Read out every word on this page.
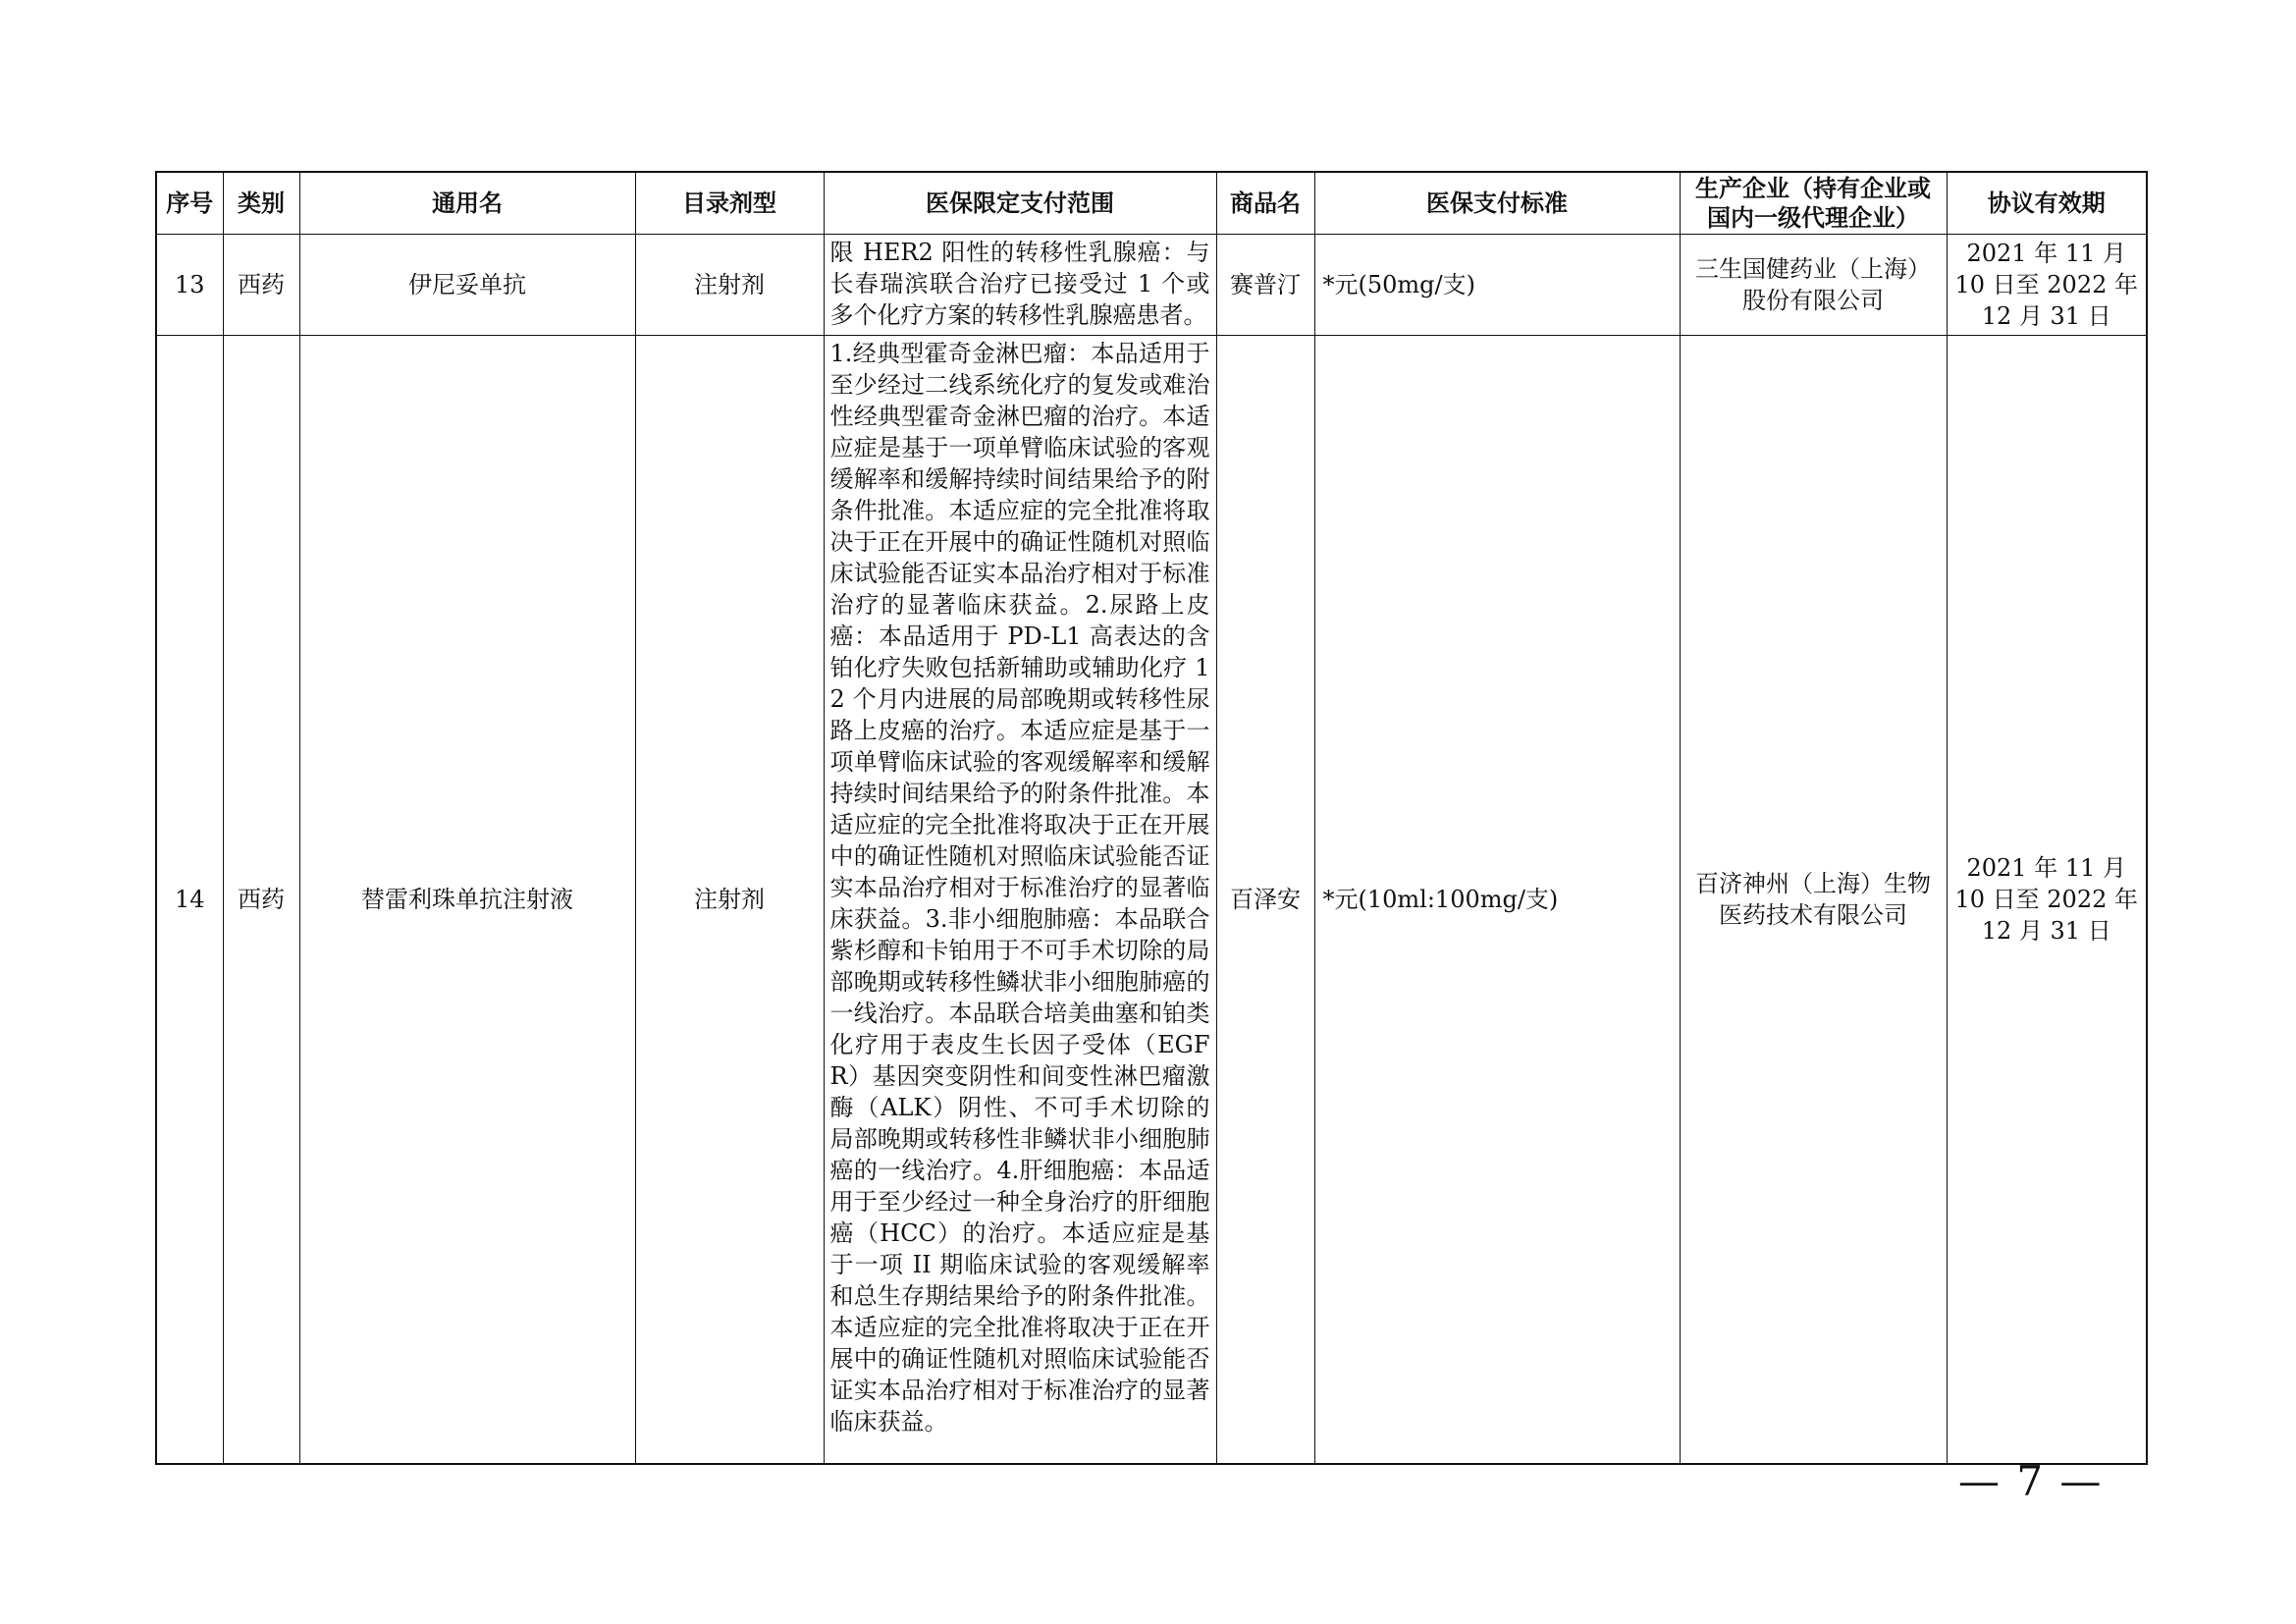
序号	类别	通用名	目录剂型	医保限定支付范围	商品名	医保支付标准	生产企业（持有企业或国内一级代理企业）	协议有效期
13	西药	伊尼妥单抗	注射剂	限 HER2 阳性的转移性乳腺癌：与长春瑞滨联合治疗已接受过 1 个或多个化疗方案的转移性乳腺癌患者。	赛普汀	*元(50mg/支)	三生国健药业（上海）股份有限公司	2021 年 11 月 10 日至 2022 年 12 月 31 日
14	西药	替雷利珠单抗注射液	注射剂	1.经典型霍奇金淋巴瘤：本品适用于至少经过二线系统化疗的复发或难治性经典型霍奇金淋巴瘤的治疗。本适应症是基于一项单臂临床试验的客观缓解率和缓解持续时间结果给予的附条件批准。本适应症的完全批准将取决于正在开展中的确证性随机对照临床试验能否证实本品治疗相对于标准治疗的显著临床获益。2.尿路上皮癌：本品适用于 PD-L1 高表达的含铂化疗失败包括新辅助或辅助化疗 12 个月内进展的局部晚期或转移性尿路上皮癌的治疗。本适应症是基于一项单臂临床试验的客观缓解率和缓解持续时间结果给予的附条件批准。本适应症的完全批准将取决于正在开展中的确证性随机对照临床试验能否证实本品治疗相对于标准治疗的显著临床获益。3.非小细胞肺癌：本品联合紫杉醇和卡铂用于不可手术切除的局部晚期或转移性鳞状非小细胞肺癌的一线治疗。本品联合培美曲塞和铂类化疗用于表皮生长因子受体（EGFR）基因突变阴性和间变性淋巴瘤激酶（ALK）阴性、不可手术切除的局部晚期或转移性非鳞状非小细胞肺癌的一线治疗。4.肝细胞癌：本品适用于至少经过一种全身治疗的肝细胞癌（HCC）的治疗。本适应症是基于一项 II 期临床试验的客观缓解率和总生存期结果给予的附条件批准。本适应症的完全批准将取决于正在开展中的确证性随机对照临床试验能否证实本品治疗相对于标准治疗的显著临床获益。	百泽安	*元(10ml:100mg/支)	百济神州（上海）生物医药技术有限公司	2021 年 11 月 10 日至 2022 年 12 月 31 日
— 7 —
